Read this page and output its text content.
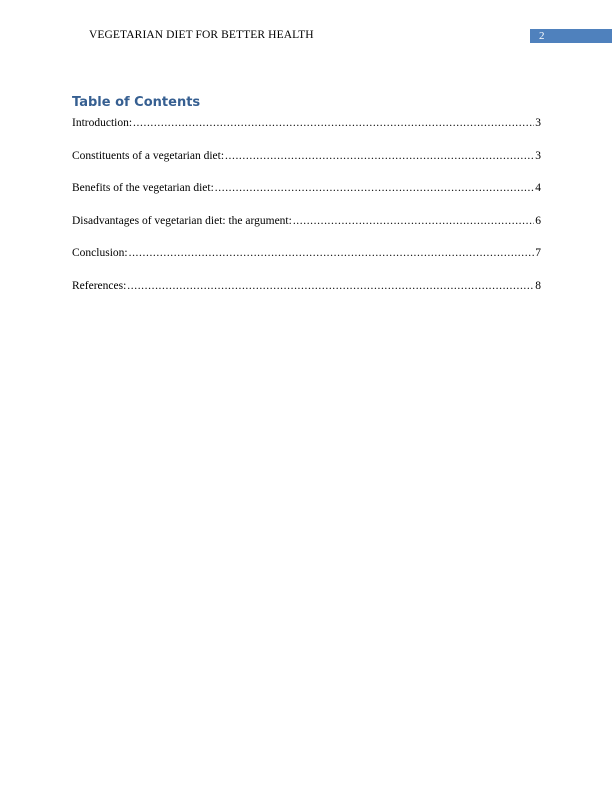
VEGETARIAN DIET FOR BETTER HEALTH	2
Table of Contents
Introduction: .....	3
Constituents of a vegetarian diet: .....	3
Benefits of the vegetarian diet: .....	4
Disadvantages of vegetarian diet: the argument: .....	6
Conclusion: .....	7
References: .....	8
